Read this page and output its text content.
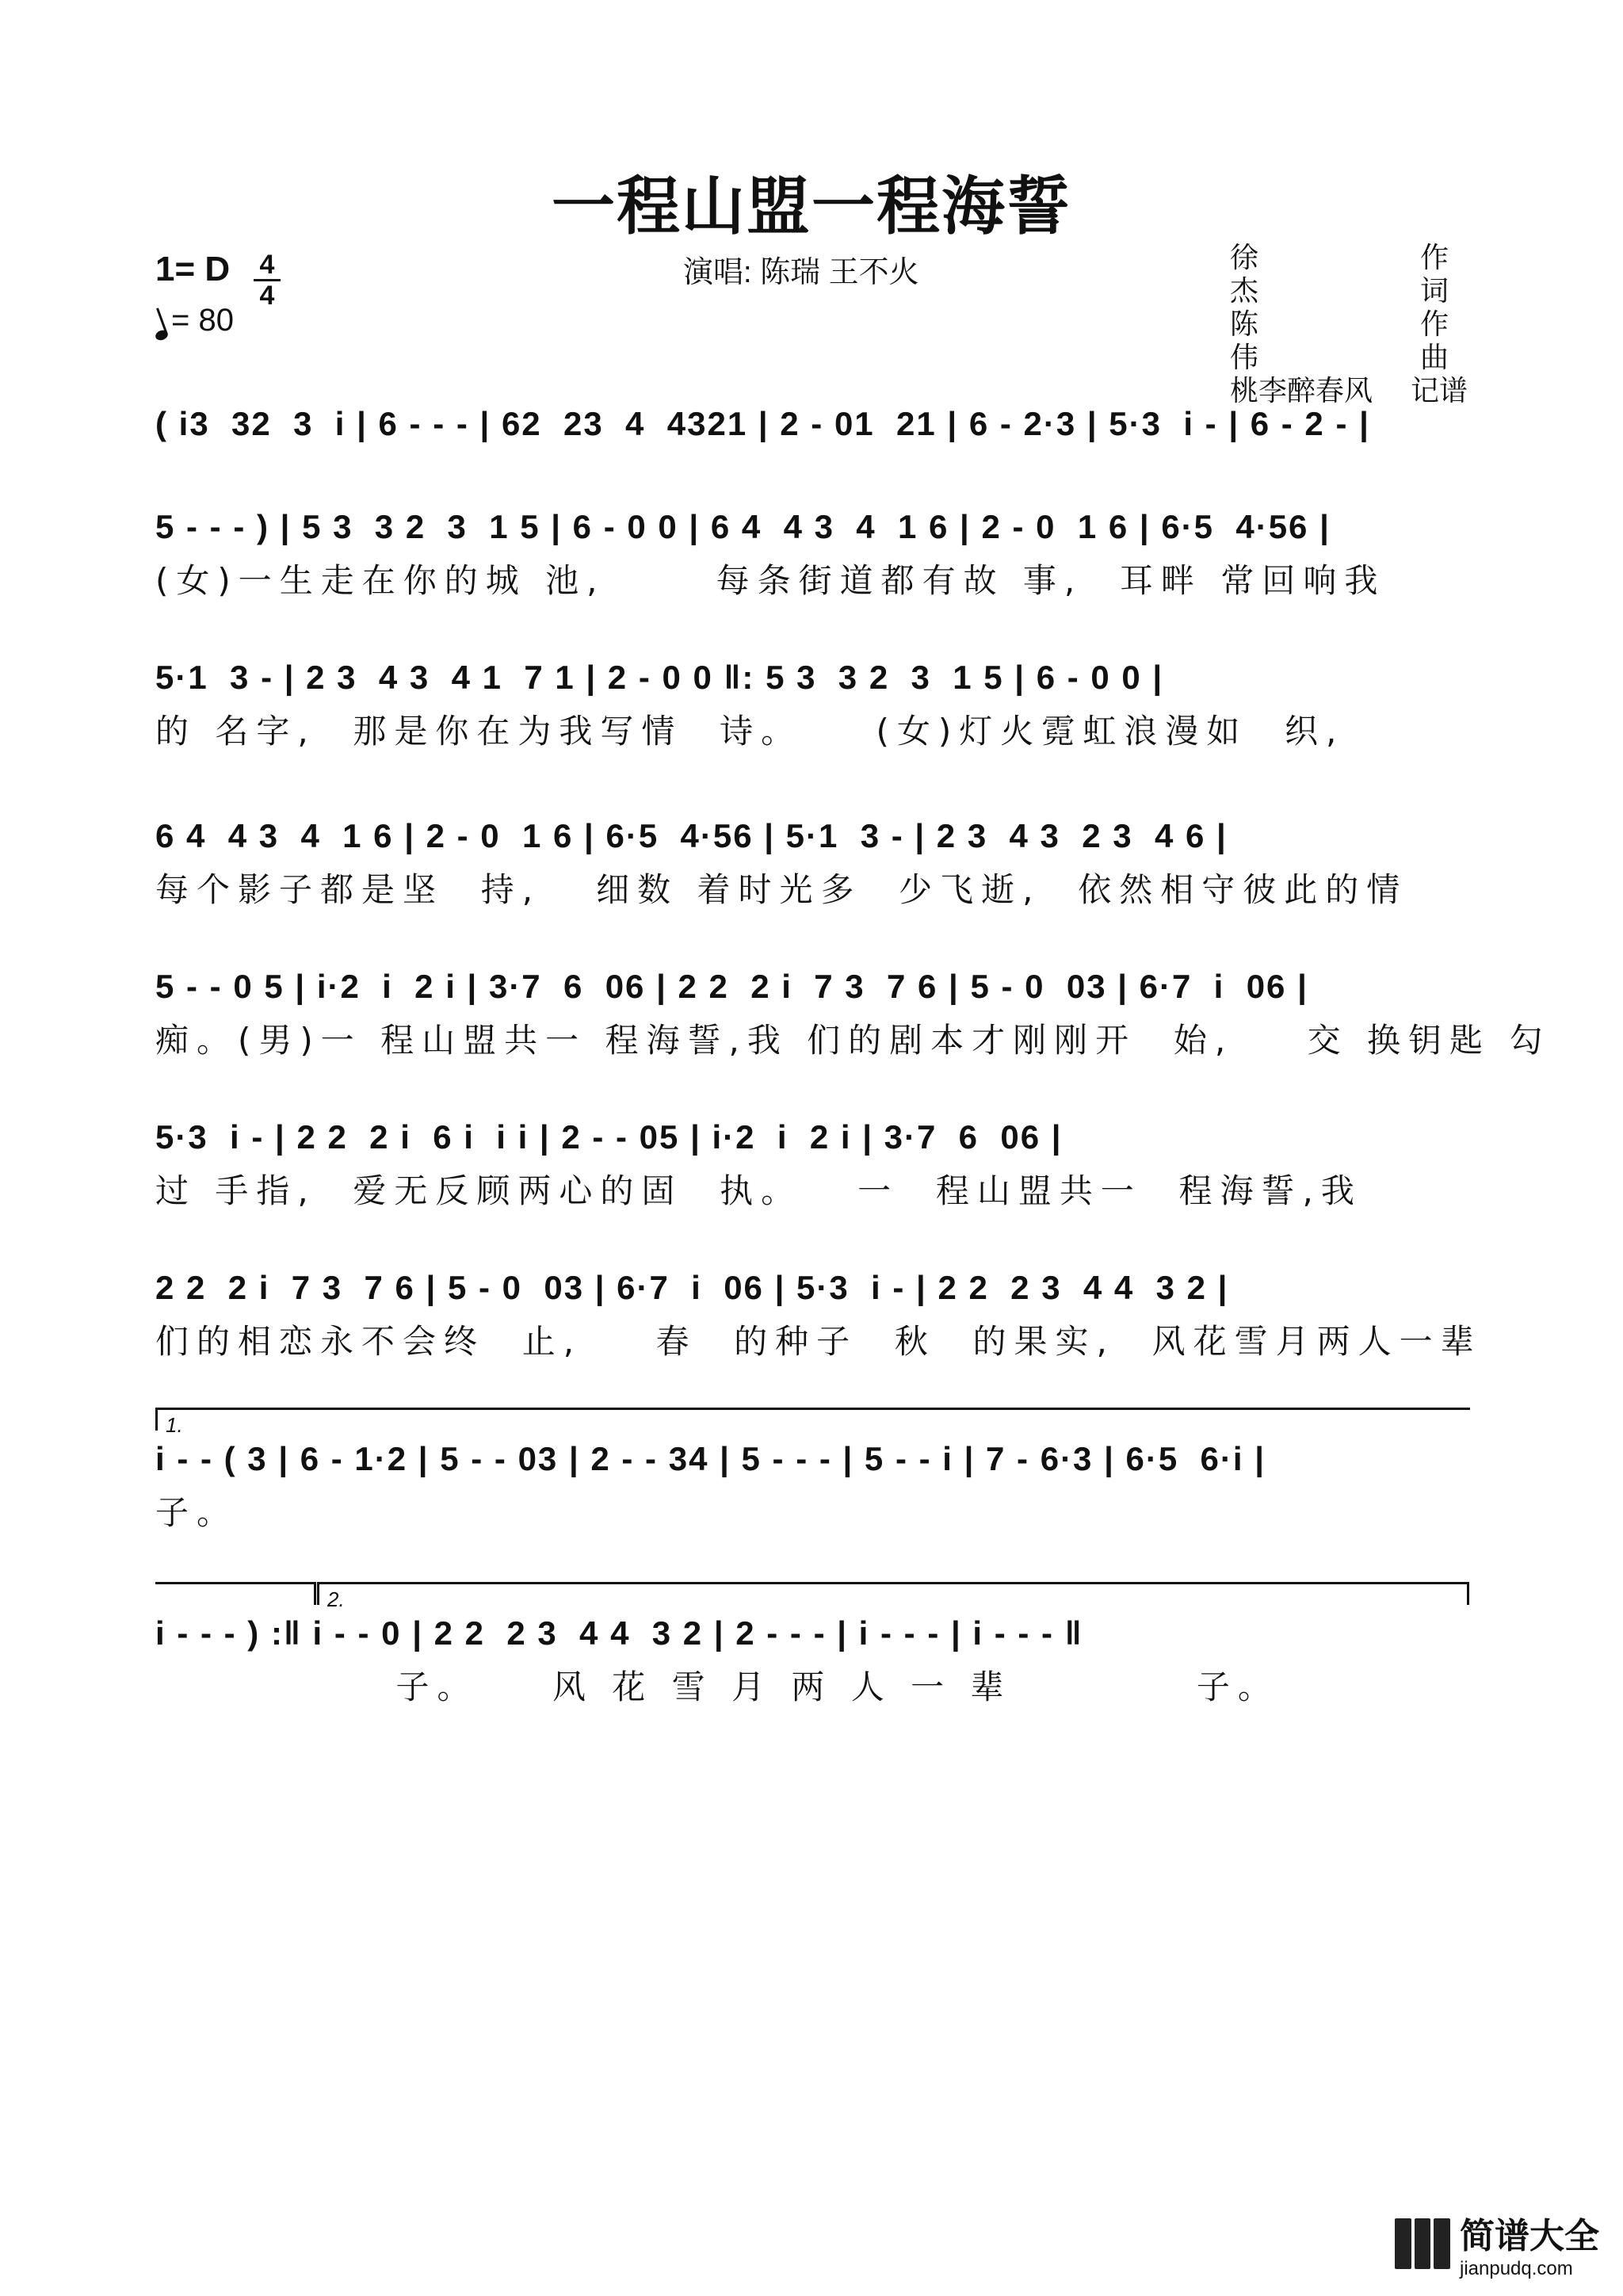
一程山盟一程海誓
1= D 4
4
= 80
演唱: 陈瑞 王不火	徐杰
作词
陈伟
作曲
桃李醉春风 记谱
( i3  32  3  i | 6 - - - | 62  23  4  4321 | 2 - 01  21 | 6 - 2·3 | 5·3  i - | 6 - 2 - |
5 - - - ) | 5 3  3 2  3  1 5 | 6 - 0 0 | 6 4  4 3  4  1 6 | 2 - 0  1 6 | 6·5  4·56 |
(女)一生走在你的城 池,      每条街道都有故 事,  耳畔 常回响我
5·1  3 - | 2 3  4 3  4 1  7 1 | 2 - 0 0 ‖: 5 3  3 2  3  1 5 | 6 - 0 0 |
的 名字,  那是你在为我写情  诗。    (女)灯火霓虹浪漫如  织,
6 4  4 3  4  1 6 | 2 - 0  1 6 | 6·5  4·56 | 5·1  3 - | 2 3  4 3  2 3  4 6 |
每个影子都是坚  持,   细数 着时光多  少飞逝,  依然相守彼此的情
5 - - 0 5 | i·2  i  2 i | 3·7  6  06 | 2 2  2 i  7 3  7 6 | 5 - 0  03 | 6·7  i  06 |
痴。(男)一 程山盟共一 程海誓,我 们的剧本才刚刚开  始,    交 换钥匙 勾
5·3  i - | 2 2  2 i  6 i  i i | 2 - - 05 | i·2  i  2 i | 3·7  6  06 |
过 手指,  爱无反顾两心的固  执。   一  程山盟共一  程海誓,我
2 2  2 i  7 3  7 6 | 5 - 0  03 | 6·7  i  06 | 5·3  i - | 2 2  2 3  4 4  3 2 |
们的相恋永不会终  止,    春  的种子  秋  的果实,  风花雪月两人一辈
1.
i - - ( 3 | 6 - 1·2 | 5 - - 03 | 2 - - 34 | 5 - - - | 5 - - i | 7 - 6·3 | 6·5  6·i |
子。
2.
i - - - ) :‖ i - - 0 | 2 2  2 3  4 4  3 2 | 2 - - - | i - - - | i - - - ‖
子。    风 花 雪 月 两 人 一 辈          子。
简谱大全
jianpudq.com
